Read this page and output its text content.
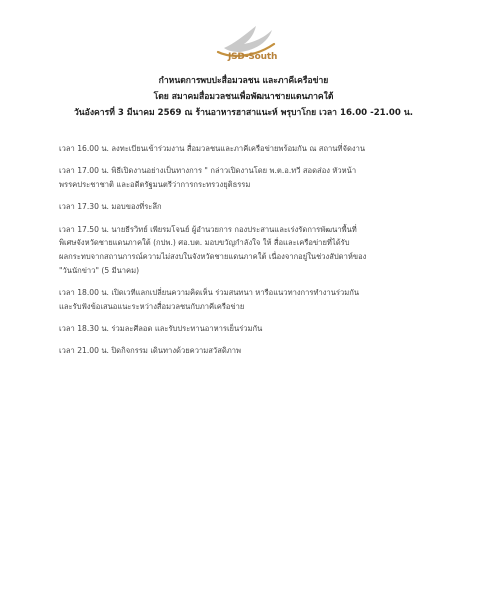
JSD-South
กำหนดการพบปะสื่อมวลชน และภาคีเครือข่าย
โดย สมาคมสื่อมวลชนเพื่อพัฒนาชายแดนภาคใต้
วันอังคารที่ 3 มีนาคม 2569 ณ ร้านอาหารฮาสาแนะห์ พรุบาโกย เวลา 16.00 -21.00 น.
เวลา 16.00 น. ลงทะเบียนเข้าร่วมงาน สื่อมวลชนและภาคีเครือข่ายพร้อมกัน ณ สถานที่จัดงาน
เวลา 17.00 น. พิธีเปิดงานอย่างเป็นทางการ " กล่าวเปิดงานโดย พ.ต.อ.ทวี สอดส่อง หัวหน้า
พรรคประชาชาติ และอดีตรัฐมนตรีว่าการกระทรวงยุติธรรม
เวลา 17.30 น. มอบของที่ระลึก
เวลา 17.50 น. นายธีรวิทย์ เพียรมโจนย์ ผู้อำนวยการ กองประสานและเร่งรัดการพัฒนาพื้นที่
พิเศษจังหวัดชายแดนภาคใต้ (กปพ.) ศอ.บต. มอบขวัญกำลังใจ ให้ สื่อและเครือข่ายที่ได้รับ
ผลกระทบจากสถานการณ์ความไม่สงบในจังหวัดชายแดนภาคใต้ เนื่องจากอยู่ในช่วงสัปดาห์ของ
"วันนักข่าว" (5 มีนาคม)
เวลา 18.00 น. เปิดเวทีแลกเปลี่ยนความคิดเห็น ร่วมสนทนา หารือแนวทางการทำงานร่วมกัน
และรับฟังข้อเสนอแนะระหว่างสื่อมวลชนกับภาคีเครือข่าย
เวลา 18.30 น. ร่วมละศีลอด และรับประทานอาหารเย็นร่วมกัน
เวลา 21.00 น. ปิดกิจกรรม เดินทางด้วยความสวัสดิภาพ
